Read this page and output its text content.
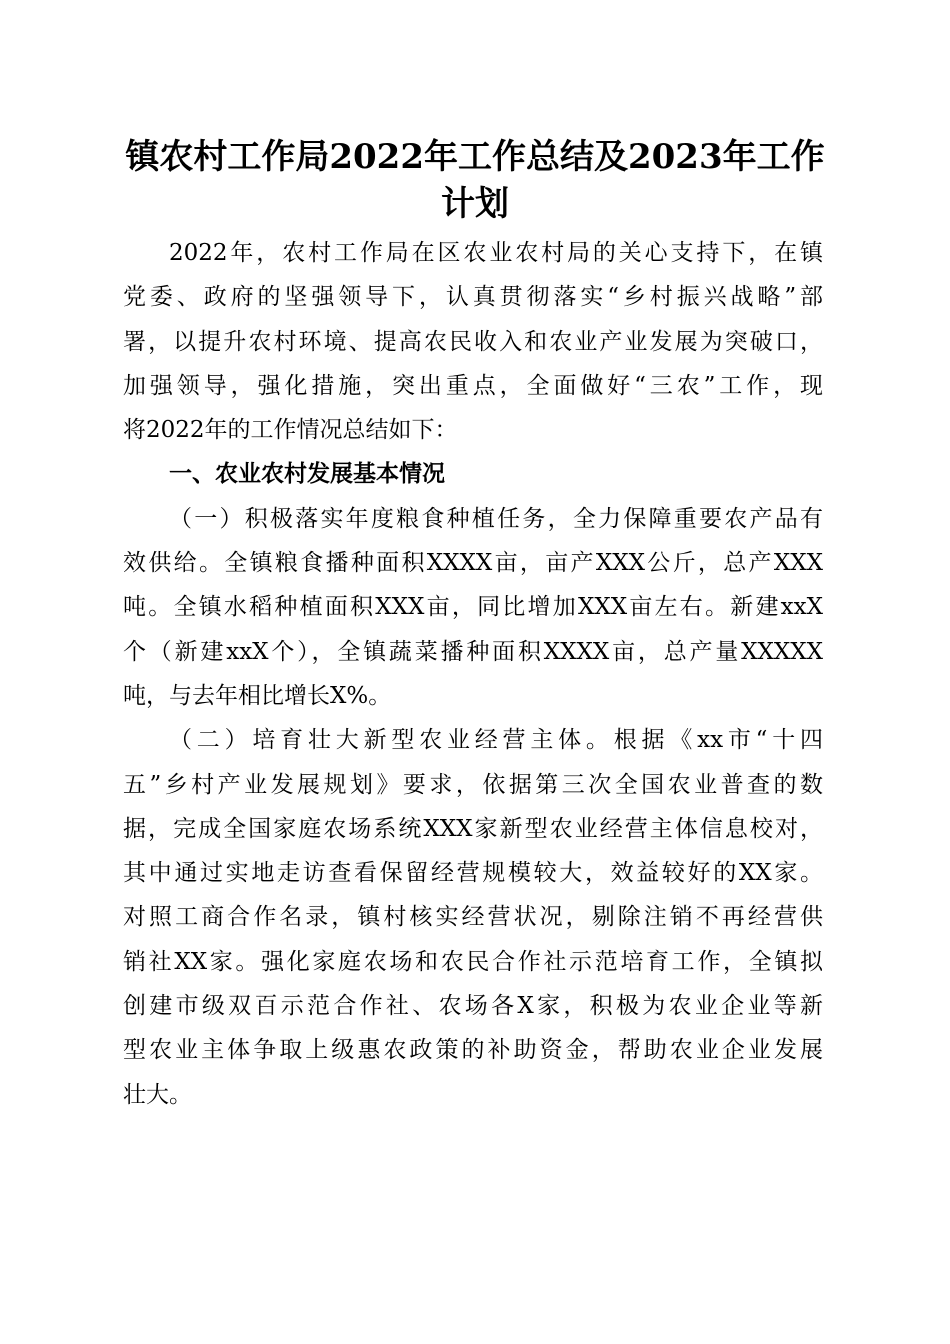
镇农村工作局2022年工作总结及2023年工作
计划
2022年，农村工作局在区农业农村局的关心支持下，在镇
党委、政府的坚强领导下，认真贯彻落实“乡村振兴战略”部
署，以提升农村环境、提高农民收入和农业产业发展为突破口，
加强领导，强化措施，突出重点，全面做好“三农”工作，现
将2022年的工作情况总结如下：
一、农业农村发展基本情况
（一）积极落实年度粮食种植任务，全力保障重要农产品有
效供给。全镇粮食播种面积XXXX亩，亩产XXX公斤，总产XXX
吨。全镇水稻种植面积XXX亩，同比增加XXX亩左右。新建xxX
个（新建xxX个），全镇蔬菜播种面积XXXX亩，总产量XXXXX
吨，与去年相比增长X%。
（二）培育壮大新型农业经营主体。根据《xx市“十四
五”乡村产业发展规划》要求，依据第三次全国农业普查的数
据，完成全国家庭农场系统XXX家新型农业经营主体信息校对，
其中通过实地走访查看保留经营规模较大，效益较好的XX家。
对照工商合作名录，镇村核实经营状况，剔除注销不再经营供
销社XX家。强化家庭农场和农民合作社示范培育工作，全镇拟
创建市级双百示范合作社、农场各X家，积极为农业企业等新
型农业主体争取上级惠农政策的补助资金，帮助农业企业发展
壮大。
